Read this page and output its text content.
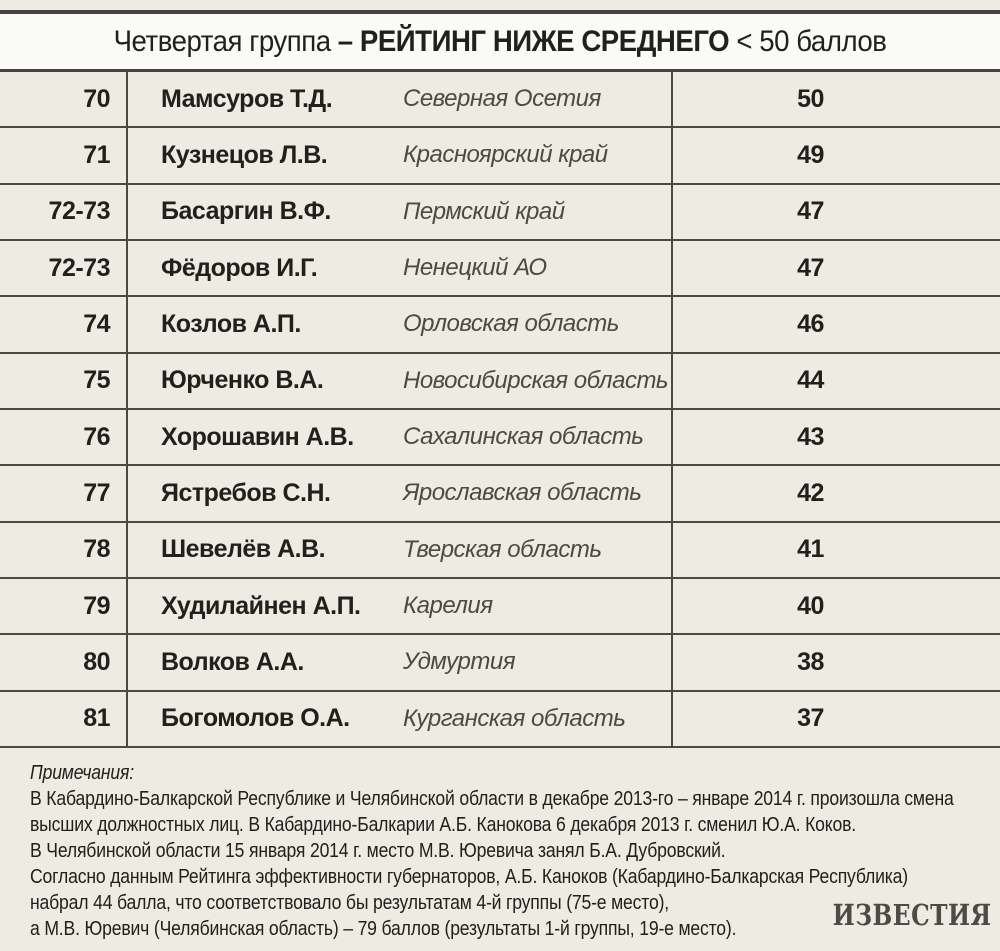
Четвертая группа – РЕЙТИНГ НИЖЕ СРЕДНЕГО < 50 баллов
70	Мамсуров Т.Д.	Северная Осетия	50
71	Кузнецов Л.В.	Красноярский край	49
72-73	Басаргин В.Ф.	Пермский край	47
72-73	Фёдоров И.Г.	Ненецкий АО	47
74	Козлов А.П.	Орловская область	46
75	Юрченко В.А.	Новосибирская область	44
76	Хорошавин А.В.	Сахалинская область	43
77	Ястребов С.Н.	Ярославская область	42
78	Шевелёв А.В.	Тверская область	41
79	Худилайнен А.П.	Карелия	40
80	Волков А.А.	Удмуртия	38
81	Богомолов О.А.	Курганская область	37
Примечания:
В Кабардино-Балкарской Республике и Челябинской области в декабре 2013-го – январе 2014 г. произошла смена
высших должностных лиц. В Кабардино-Балкарии А.Б. Канокова 6 декабря 2013 г. сменил Ю.А. Коков.
В Челябинской области 15 января 2014 г. место М.В. Юревича занял Б.А. Дубровский.
Согласно данным Рейтинга эффективности губернаторов, А.Б. Каноков (Кабардино-Балкарская Республика)
набрал 44 балла, что соответствовало бы результатам 4-й группы (75-е место),
а М.В. Юревич (Челябинская область) – 79 баллов (результаты 1-й группы, 19-е место).	ИЗВЕСТИЯ
